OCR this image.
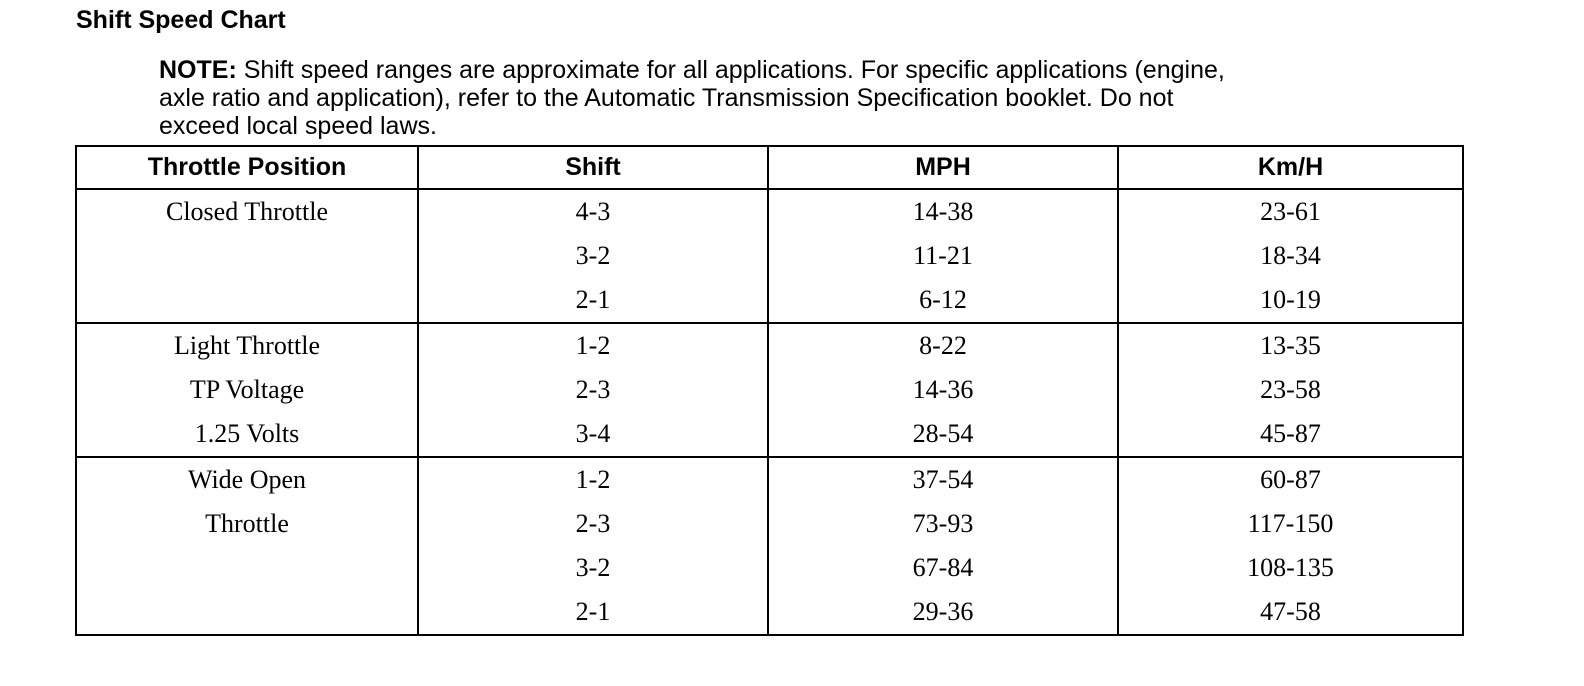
Shift Speed Chart
NOTE: Shift speed ranges are approximate for all applications. For specific applications (engine,
axle ratio and application), refer to the Automatic Transmission Specification booklet. Do not
exceed local speed laws.
Throttle Position	Shift	MPH	Km/H
Closed Throttle	4-3	14-38	23-61
	3-2	11-21	18-34
	2-1	6-12	10-19
Light Throttle	1-2	8-22	13-35
TP Voltage	2-3	14-36	23-58
1.25 Volts	3-4	28-54	45-87
Wide Open	1-2	37-54	60-87
Throttle	2-3	73-93	117-150
	3-2	67-84	108-135
	2-1	29-36	47-58
